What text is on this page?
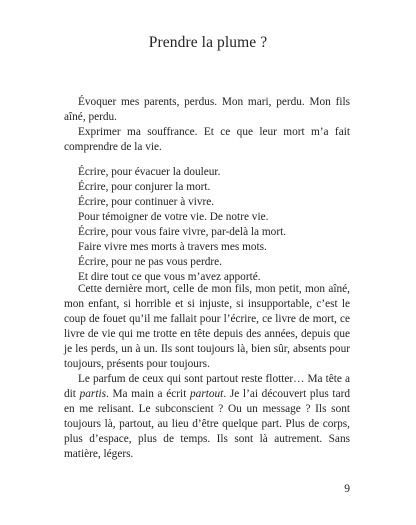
Prendre la plume ?

Évoquer mes parents, perdus. Mon mari, perdu. Mon fils aîné, perdu.

Exprimer ma souffrance. Et ce que leur mort m’a fait comprendre de la vie.

Écrire, pour évacuer la douleur.
Écrire, pour conjurer la mort.
Écrire, pour continuer à vivre.
Pour témoigner de votre vie. De notre vie.
Écrire, pour vous faire vivre, par-delà la mort.
Faire vivre mes morts à travers mes mots.
Écrire, pour ne pas vous perdre.
Et dire tout ce que vous m’avez apporté.

Cette dernière mort, celle de mon fils, mon petit, mon aîné, mon enfant, si horrible et si injuste, si insupportable, c’est le coup de fouet qu’il me fallait pour l’écrire, ce livre de mort, ce livre de vie qui me trotte en tête depuis des années, depuis que je les perds, un à un. Ils sont toujours là, bien sûr, absents pour toujours, présents pour toujours.

Le parfum de ceux qui sont partout reste flotter… Ma tête a dit partis. Ma main a écrit partout. Je l’ai découvert plus tard en me relisant. Le subconscient ? Ou un message ? Ils sont toujours là, partout, au lieu d’être quelque part. Plus de corps, plus d’espace, plus de temps. Ils sont là autrement. Sans matière, légers.

9
